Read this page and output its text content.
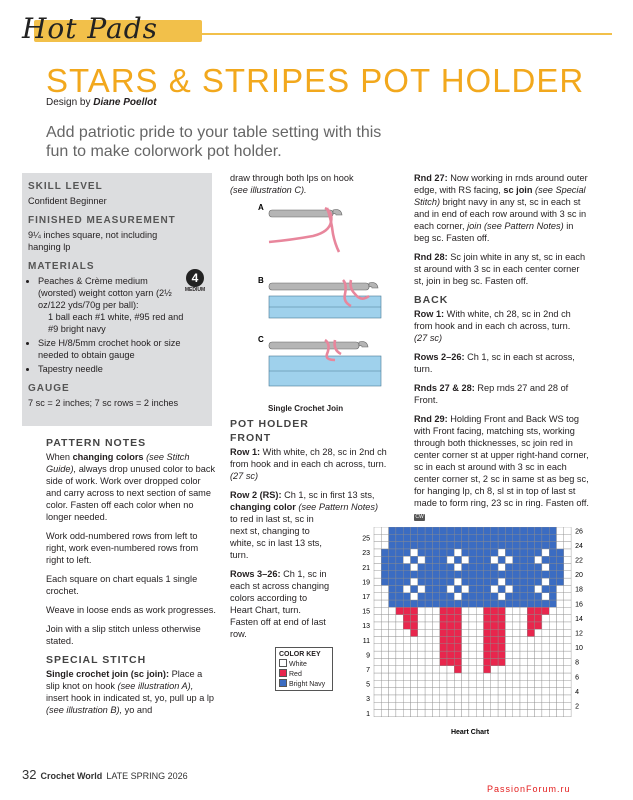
Hot Pads
STARS & STRIPES POT HOLDER
Design by Diane Poellot
Add patriotic pride to your table setting with this fun to make colorwork pot holder.
SKILL LEVEL
Confident Beginner
FINISHED MEASUREMENT
9¼ inches square, not including hanging lp
MATERIALS
• Peaches & Crème medium (worsted) weight cotton yarn (2½ oz/122 yds/70g per ball):
1 ball each #1 white, #95 red and #9 bright navy
• Size H/8/5mm crochet hook or size needed to obtain gauge
• Tapestry needle
GAUGE
7 sc = 2 inches; 7 sc rows = 2 inches
4
MEDIUM
PATTERN NOTES

When changing colors (see Stitch Guide), always drop unused color to back side of work. Work over dropped color and carry across to next section of same color. Fasten off each color when no longer needed.

Work odd-numbered rows from left to right, work even-numbered rows from right to left.

Each square on chart equals 1 single crochet.

Weave in loose ends as work progresses.

Join with a slip stitch unless otherwise stated.

SPECIAL STITCH

Single crochet join (sc join): Place a slip knot on hook (see illustration A), insert hook in indicated st, yo, pull up a lp (see illustration B), yo and

draw through both lps on hook
(see illustration C).
A
B
C
Single Crochet Join
POT HOLDER
FRONT

Row 1: With white, ch 28, sc in 2nd ch from hook and in each ch across, turn.
(27 sc)

Row 2 (RS): Ch 1, sc in first 13 sts,
changing color (see Pattern Notes)
to red in last st, sc in next st, changing to white, sc in last 13 sts, turn.

Rows 3–26: Ch 1, sc in each st across changing colors according to Heart Chart, turn. Fasten off at end of last row.

Rnd 27: Now working in rnds around outer edge, with RS facing, sc join (see Special Stitch) bright navy in any st, sc in each st and in end of each row around with 3 sc in each corner, join (see Pattern Notes) in beg sc. Fasten off.

Rnd 28: Sc join white in any st, sc in each st around with 3 sc in each center corner st, join in beg sc. Fasten off.

BACK

Row 1: With white, ch 28, sc in 2nd ch from hook and in each ch across, turn.
(27 sc)

Rows 2–26: Ch 1, sc in each st across, turn.

Rnds 27 & 28: Rep rnds 27 and 28 of Front.

Rnd 29: Holding Front and Back WS tog with Front facing, matching sts, working through both thicknesses, sc join red in center corner st at upper right-hand corner, sc in each st around with 3 sc in each center corner st, 2 sc in same st as beg sc, for hanging lp, ch 8, sl st in top of last st made to form ring, 23 sc in ring. Fasten off. CW

25
23
21
19
17
15
13
11
9
7
5
3
1
26
24
22
20
18
16
14
12
10
8
6
4
2
Heart Chart
COLOR KEY
White
Red
Bright Navy
32 Crochet World LATE SPRING 2026
PassionForum.ru
